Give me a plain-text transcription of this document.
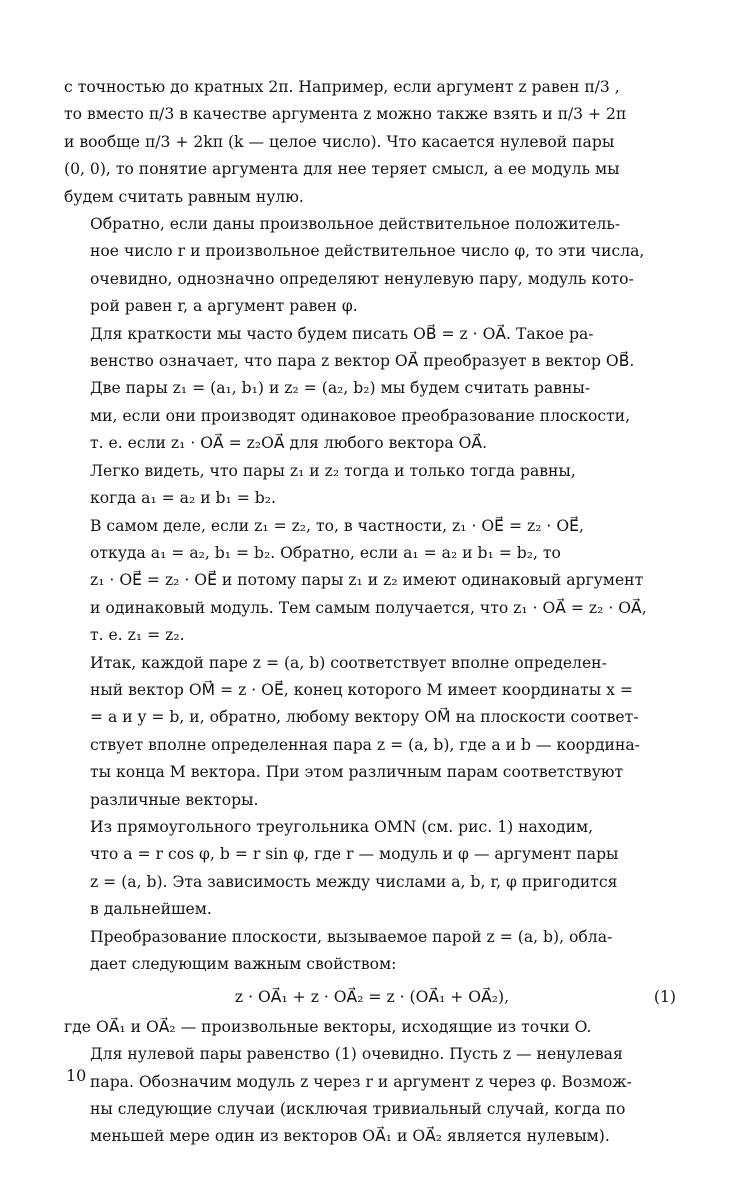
с точностью до кратных 2π. Например, если аргумент z равен π/3 ,
то вместо π/3 в качестве аргумента z можно также взять и π/3 + 2π
и вообще π/3 + 2kπ (k — целое число). Что касается нулевой пары
(0, 0), то понятие аргумента для нее теряет смысл, а ее модуль мы
будем считать равным нулю.
Обратно, если даны произвольное действительное положитель-
ное число r и произвольное действительное число φ, то эти числа,
очевидно, однозначно определяют ненулевую пару, модуль кото-
рой равен r, а аргумент равен φ.
Для краткости мы часто будем писать OB⃗ = z · OA⃗. Такое ра-
венство означает, что пара z вектор OA⃗ преобразует в вектор OB⃗.
Две пары z₁ = (a₁, b₁) и z₂ = (a₂, b₂) мы будем считать равны-
ми, если они производят одинаковое преобразование плоскости,
т. е. если z₁ · OA⃗ = z₂OA⃗ для любого вектора OA⃗.
Легко видеть, что пары z₁ и z₂ тогда и только тогда равны,
когда a₁ = a₂ и b₁ = b₂.
В самом деле, если z₁ = z₂, то, в частности, z₁ · OE⃗ = z₂ · OE⃗,
откуда a₁ = a₂, b₁ = b₂. Обратно, если a₁ = a₂ и b₁ = b₂, то
z₁ · OE⃗ = z₂ · OE⃗ и потому пары z₁ и z₂ имеют одинаковый аргумент
и одинаковый модуль. Тем самым получается, что z₁ · OA⃗ = z₂ · OA⃗,
т. е. z₁ = z₂.
Итак, каждой паре z = (a, b) соответствует вполне определен-
ный вектор OM⃗ = z · OE⃗, конец которого M имеет координаты x =
= a и y = b, и, обратно, любому вектору OM⃗ на плоскости соответ-
ствует вполне определенная пара z = (a, b), где a и b — координа-
ты конца M вектора. При этом различным парам соответствуют
различные векторы.
Из прямоугольного треугольника OMN (см. рис. 1) находим,
что a = r cos φ, b = r sin φ, где r — модуль и φ — аргумент пары
z = (a, b). Эта зависимость между числами a, b, r, φ пригодится
в дальнейшем.
Преобразование плоскости, вызываемое парой z = (a, b), обла-
дает следующим важным свойством:
z · OA⃗₁ + z · OA⃗₂ = z · (OA⃗₁ + OA⃗₂),	(1)
где OA⃗₁ и OA⃗₂ — произвольные векторы, исходящие из точки O.
Для нулевой пары равенство (1) очевидно. Пусть z — ненулевая
пара. Обозначим модуль z через r и аргумент z через φ. Возмож-
ны следующие случаи (исключая тривиальный случай, когда по
меньшей мере один из векторов OA⃗₁ и OA⃗₂ является нулевым).
10
